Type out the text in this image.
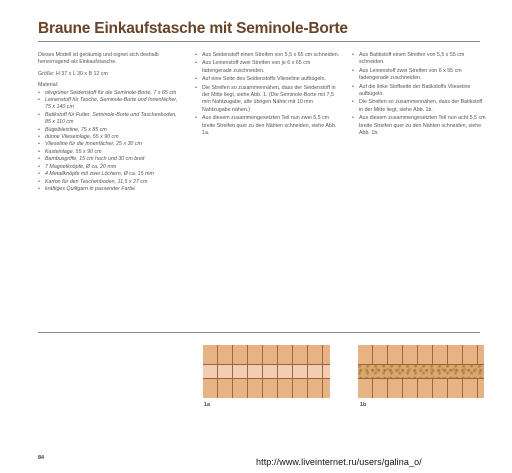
Braune Einkaufstasche mit Seminole-Borte

Dieses Modell ist geräumig und eignet sich deshalb hervorragend als Einkaufstasche.

Größe: H 37 x L 30 x B 12 cm

Material:

• olivgrüner Seidenstoff für die Seminole-Borte, 7 x 65 cm
• Leinenstoff für Tasche, Seminole-Borte und Innenfächer, 75 x 140 cm
• Batikstoff für Futter, Seminole-Borte und Taschenboden, 85 x 110 cm
• Bügelbleistine, 75 x 85 cm
• dünne Vlieseinlage, 55 x 90 cm
• Vlieseline für die Innenfächer, 25 x 30 cm
• Kasteinlage, 55 x 90 cm
• Bambusgriffe, 15 cm hoch und 30 cm breit
• 7 Magnetknöpfe, Ø ca. 20 mm
• 4 Metallknöpfe mit zwei Löchern, Ø ca. 15 mm
• Karton für den Taschenboden, 11,5 x 27 cm
• kräftiges Quiltgarn in passender Farbe
• Aus Seidenstoff einen Streifen von 5,5 x 65 cm schneiden.
• Aus Leinenstoff zwei Streifen von je 6 x 65 cm fadengerade zuschneiden.
• Auf eine Seite des Seidenstoffs Vlieseline aufbügeln.
• Die Streifen so zusammennähen, dass der Seidenstoff in der Mitte liegt, siehe Abb. 1. (Die Seminole-Borte mit 7,5 mm Nahtzugabe, alle übrigen Nähte mit 10 mm Nahtzugabe nähen.)
• Aus diesem zusammengesetzten Teil nun zwei 5,5 cm breite Streifen quer zu den Nähten schneiden, siehe Abb. 1a.
• Aus Batikstoff einen Streifen von 5,5 x 55 cm schneiden.
• Aus Leinenstoff zwei Streifen von 6 x 55 cm fadengerade zuschneiden.
• Auf die linke Stoffseite der Batikstoffs Vlieseline aufbügeln.
• Die Streifen so zusammennähen, dass der Batikstoff in der Mitte liegt, siehe Abb. 1b.
• Aus diesem zusammengesetzten Teil nun acht 5,5 cm breite Streifen quer zu den Nähten schneiden, siehe Abb. 1b.
1a	1b
84	http://www.liveinternet.ru/users/galina_o/
